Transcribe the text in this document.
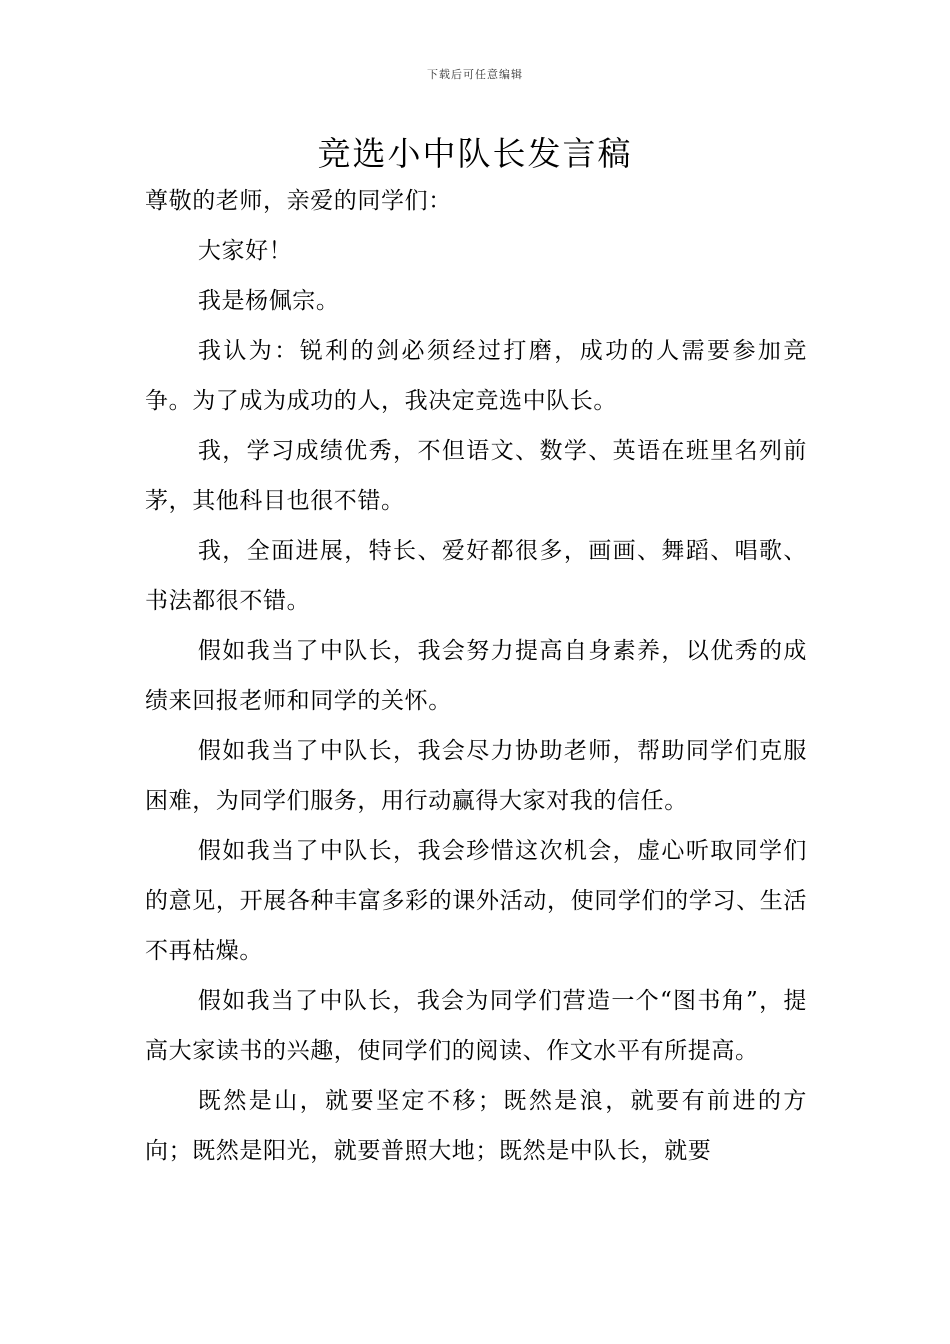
下载后可任意编辑
竞选小中队长发言稿

尊敬的老师，亲爱的同学们：

大家好！

我是杨佩宗。

我认为：锐利的剑必须经过打磨，成功的人需要参加竞争。为了成为成功的人，我决定竞选中队长。

我，学习成绩优秀，不但语文、数学、英语在班里名列前茅，其他科目也很不错。

我，全面进展，特长、爱好都很多，画画、舞蹈、唱歌、书法都很不错。

假如我当了中队长，我会努力提高自身素养，以优秀的成绩来回报老师和同学的关怀。

假如我当了中队长，我会尽力协助老师，帮助同学们克服困难，为同学们服务，用行动赢得大家对我的信任。

假如我当了中队长，我会珍惜这次机会，虚心听取同学们的意见，开展各种丰富多彩的课外活动，使同学们的学习、生活不再枯燥。

假如我当了中队长，我会为同学们营造一个“图书角”，提高大家读书的兴趣，使同学们的阅读、作文水平有所提高。

既然是山，就要坚定不移；既然是浪，就要有前进的方向；既然是阳光，就要普照大地；既然是中队长，就要
